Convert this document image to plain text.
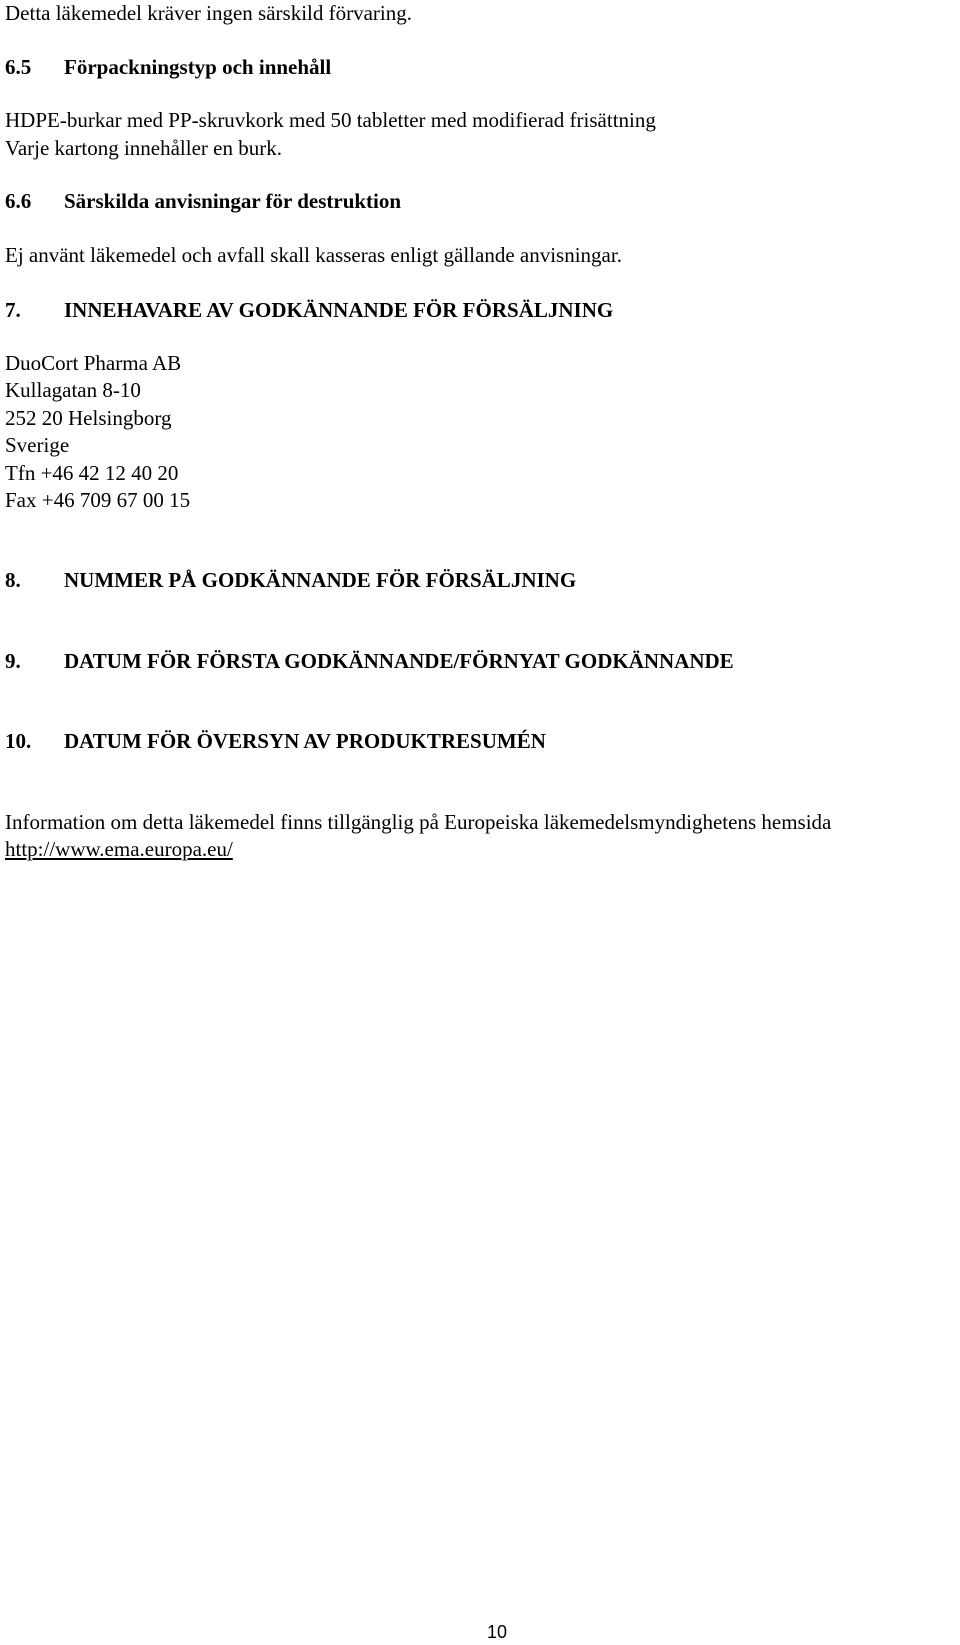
Detta läkemedel kräver ingen särskild förvaring.
6.5 Förpackningstyp och innehåll
HDPE-burkar med PP-skruvkork med 50 tabletter med modifierad frisättning
Varje kartong innehåller en burk.
6.6 Särskilda anvisningar för destruktion
Ej använt läkemedel och avfall skall kasseras enligt gällande anvisningar.
7. INNEHAVARE AV GODKÄNNANDE FÖR FÖRSÄLJNING
DuoCort Pharma AB
Kullagatan 8-10
252 20 Helsingborg
Sverige
Tfn +46 42 12 40 20
Fax +46 709 67 00 15
8. NUMMER PÅ GODKÄNNANDE FÖR FÖRSÄLJNING
9. DATUM FÖR FÖRSTA GODKÄNNANDE/FÖRNYAT GODKÄNNANDE
10. DATUM FÖR ÖVERSYN AV PRODUKTRESUMÉN
Information om detta läkemedel finns tillgänglig på Europeiska läkemedelsmyndighetens hemsida
http://www.ema.europa.eu/
10
